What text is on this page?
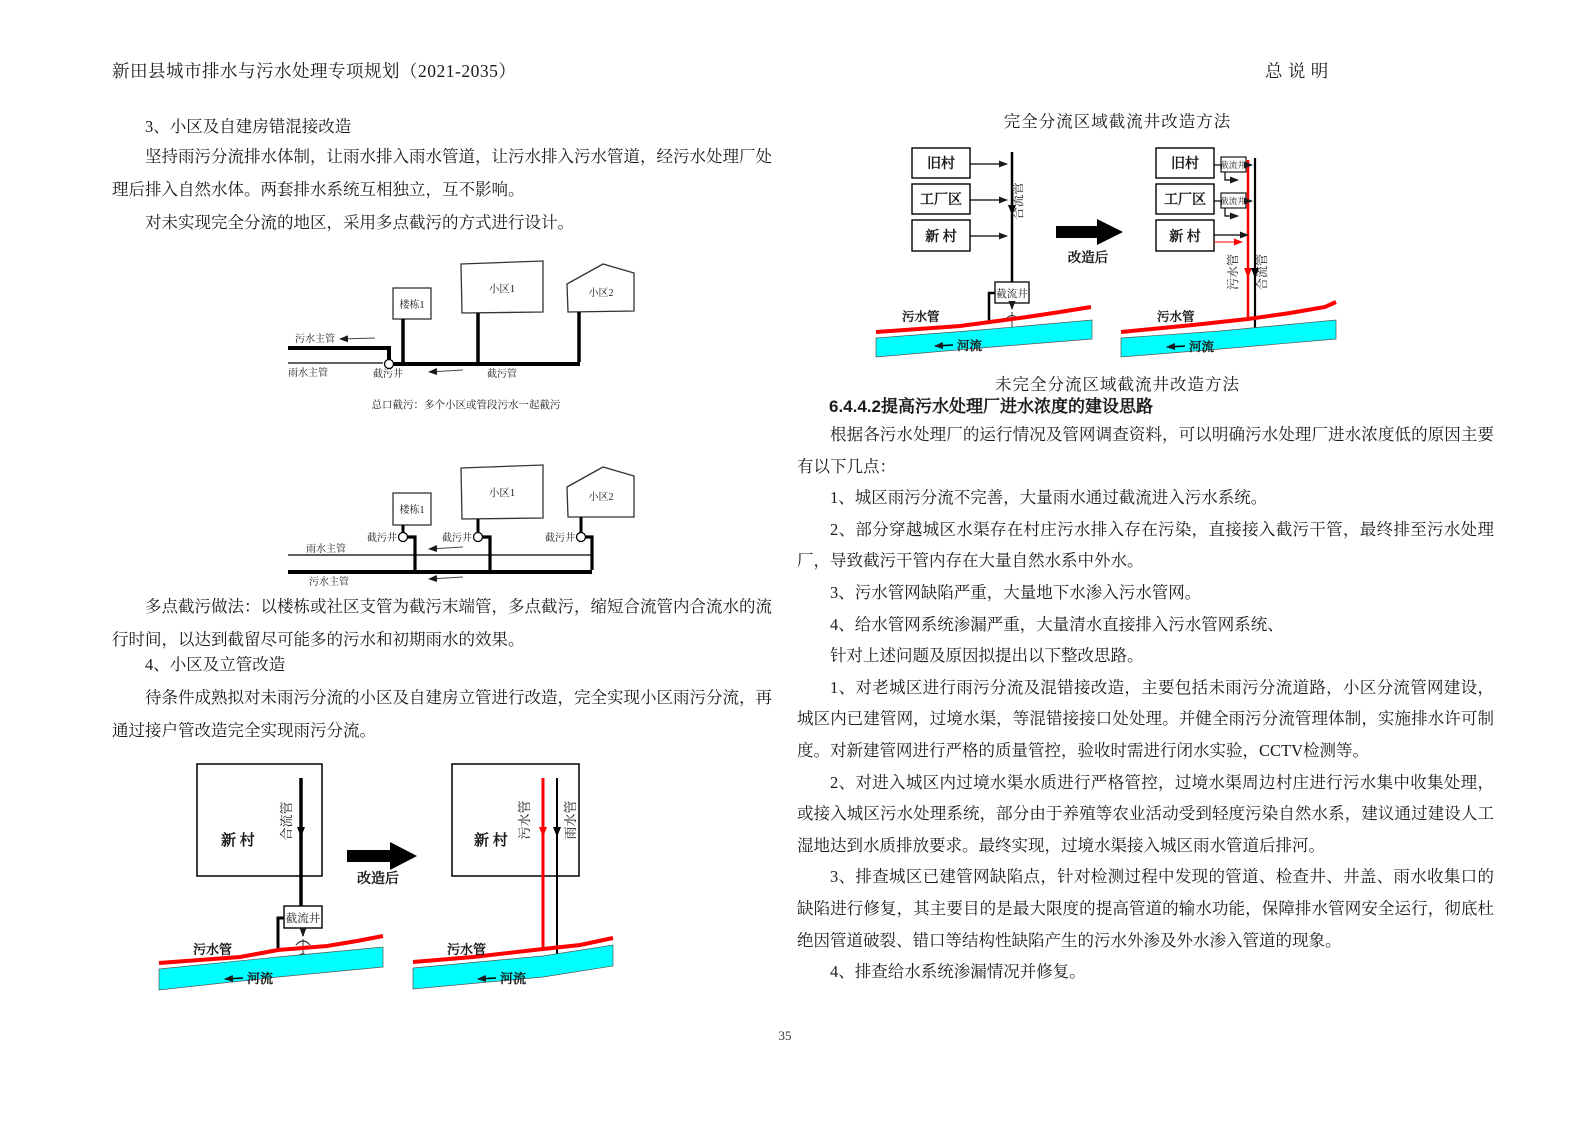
新田县城市排水与污水处理专项规划（2021-2035）	总 说 明

3、小区及自建房错混接改造

坚持雨污分流排水体制，让雨水排入雨水管道，让污水排入污水管道，经污水处理厂处理后排入自然水体。两套排水系统互相独立，互不影响。

对未实现完全分流的地区，采用多点截污的方式进行设计。

楼栋1
小区1	小区2
污水主管
雨水主管	截污井	截污管
总口截污：多个小区或管段污水一起截污
楼栋1
小区1	小区2
雨水主管
污水主管
截污井	截污井	截污井

多点截污做法：以楼栋或社区支管为截污末端管，多点截污，缩短合流管内合流水的流行时间，以达到截留尽可能多的污水和初期雨水的效果。

4、小区及立管改造

待条件成熟拟对未雨污分流的小区及自建房立管进行改造，完全实现小区雨污分流，再通过接户管改造完全实现雨污分流。

新 村
合流管
截流井
污水管
河流
改造后
新 村
污水管 雨水管
污水管
河流
完全分流区域截流井改造方法
旧村
工厂区
新 村
合流管
截流井
污水管
河流
改造后
旧村
工厂区
新 村
截流井
截流井
污水管 合流管
污水管
河流
未完全分流区域截流井改造方法

6.4.4.2提高污水处理厂进水浓度的建设思路

根据各污水处理厂的运行情况及管网调查资料，可以明确污水处理厂进水浓度低的原因主要有以下几点：

1、城区雨污分流不完善，大量雨水通过截流进入污水系统。

2、部分穿越城区水渠存在村庄污水排入存在污染，直接接入截污干管，最终排至污水处理厂，导致截污干管内存在大量自然水系中外水。

3、污水管网缺陷严重，大量地下水渗入污水管网。

4、给水管网系统渗漏严重，大量清水直接排入污水管网系统、

针对上述问题及原因拟提出以下整改思路。

1、对老城区进行雨污分流及混错接改造，主要包括未雨污分流道路，小区分流管网建设，城区内已建管网，过境水渠，等混错接接口处处理。并健全雨污分流管理体制，实施排水许可制度。对新建管网进行严格的质量管控，验收时需进行闭水实验，CCTV检测等。

2、对进入城区内过境水渠水质进行严格管控，过境水渠周边村庄进行污水集中收集处理，或接入城区污水处理系统，部分由于养殖等农业活动受到轻度污染自然水系，建议通过建设人工湿地达到水质排放要求。最终实现，过境水渠接入城区雨水管道后排河。

3、排查城区已建管网缺陷点，针对检测过程中发现的管道、检查井、井盖、雨水收集口的缺陷进行修复，其主要目的是最大限度的提高管道的输水功能，保障排水管网安全运行，彻底杜绝因管道破裂、错口等结构性缺陷产生的污水外渗及外水渗入管道的现象。

4、排查给水系统渗漏情况并修复。

35
